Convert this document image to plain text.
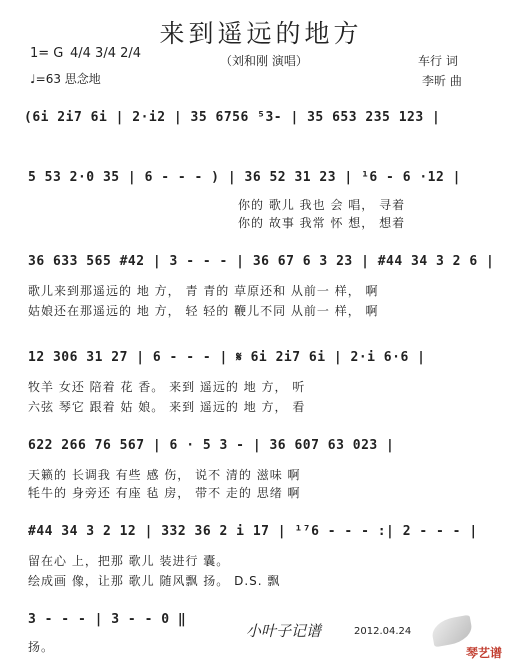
来到遥远的地方
（刘和刚 演唱）
1= G 4/4 3/4 2/4
♩=63 思念地
车行 词
李昕 曲
(6i 2i7 6i | 2·i2 | 35 6756 ⁵3- | 35 653 235 123 |
5 53 2·0 35 | 6 - - - ) | 36 52 31 23 | ¹6 - 6 ·12 |
你的 歌儿 我也 会 唱， 寻着
你的 故事 我常 怀 想， 想着
36 633 565 #42 | 3 - - - | 36 67 6 3 23 | #44 34 3 2 6 |
歌儿来到那遥远的 地 方， 青 青的 草原还和 从前一 样， 啊
姑娘还在那遥远的 地 方， 轻 轻的 鞭儿不同 从前一 样， 啊
12 306 31 27 | 6 - - - | 𝄋 6i 2i7 6i | 2·i 6·6 |
牧羊 女还 陪着 花 香。 来到 遥远的 地 方， 听
六弦 琴它 跟着 姑 娘。 来到 遥远的 地 方， 看
622 266 76 567 | 6 · 5 3 - | 36 607 63 023 |
天籁的 长调我 有些 感 伤， 说不 清的 滋味 啊
牦牛的 身旁还 有座 毡 房， 带不 走的 思绪 啊
#44 34 3 2 12 | 332 36 2 i 17 | ¹⁷6 - - - :| 2 - - - |
留在心 上，把那 歌儿 装进行 囊。
绘成画 像，让那 歌儿 随风飘 扬。 D.S. 飘
3 - - - | 3 - - 0 ‖
扬。
小叶子记谱	2012.04.24
琴艺谱
